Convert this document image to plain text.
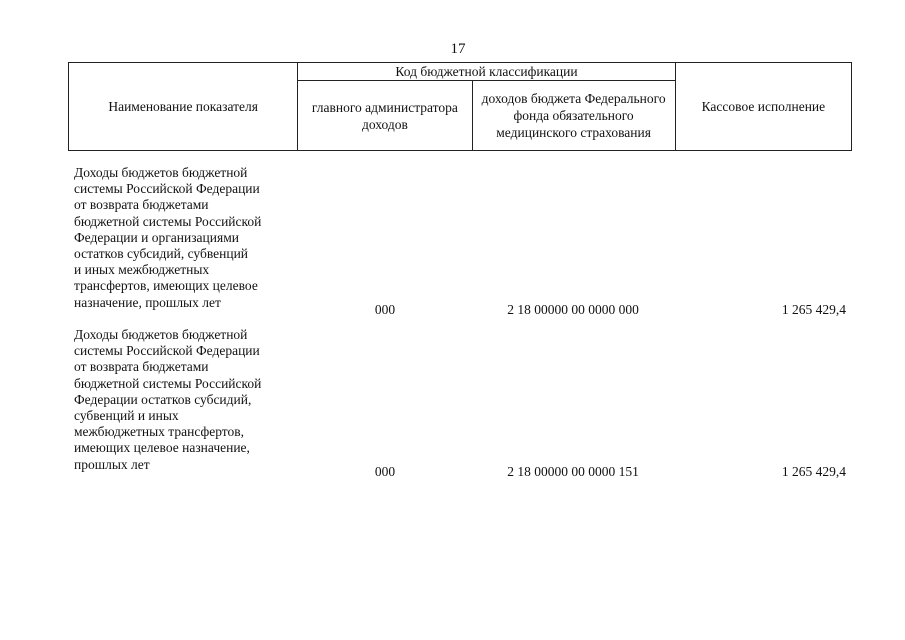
17
Наименование показателя	Код бюджетной классификации		Кассовое исполнение
	главного администратора доходов	доходов бюджета Федерального фонда обязательного медицинского страхования	
Доходы бюджетов бюджетной
системы Российской Федерации
от возврата бюджетами
бюджетной системы Российской
Федерации и организациями
остатков субсидий, субвенций
и иных межбюджетных
трансфертов, имеющих целевое
назначение, прошлых лет	000	2 18 00000 00 0000 000	1 265 429,4
Доходы бюджетов бюджетной
системы Российской Федерации
от возврата бюджетами
бюджетной системы Российской
Федерации остатков субсидий,
субвенций и иных
межбюджетных трансфертов,
имеющих целевое назначение,
прошлых лет	000	2 18 00000 00 0000 151	1 265 429,4
